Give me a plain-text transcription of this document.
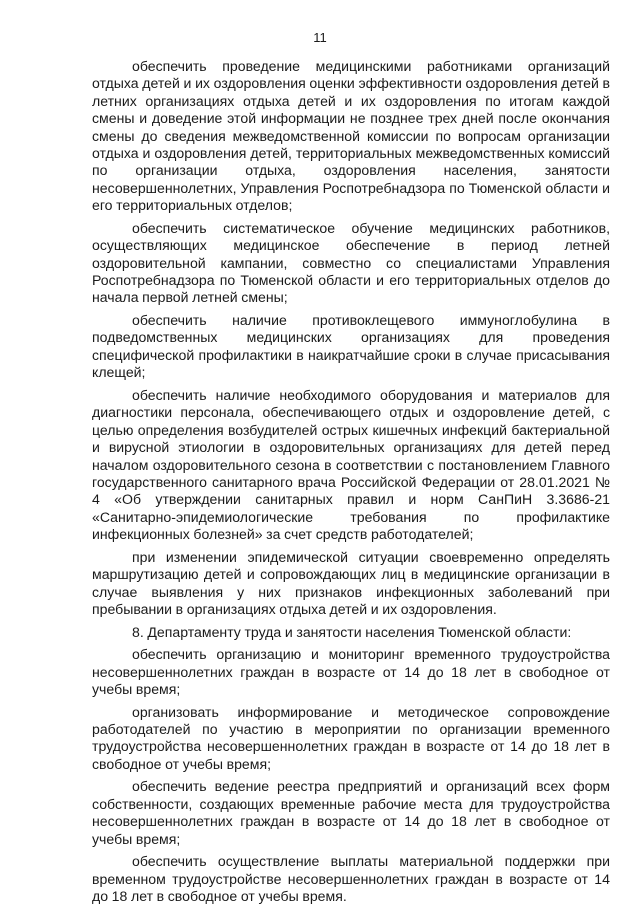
11

обеспечить проведение медицинскими работниками организаций отдыха детей и их оздоровления оценки эффективности оздоровления детей в летних организациях отдыха детей и их оздоровления по итогам каждой смены и доведение этой информации не позднее трех дней после окончания смены до сведения межведомственной комиссии по вопросам организации отдыха и оздоровления детей, территориальных межведомственных комиссий по организации отдыха, оздоровления населения, занятости несовершеннолетних, Управления Роспотребнадзора по Тюменской области и его территориальных отделов;

обеспечить систематическое обучение медицинских работников, осуществляющих медицинское обеспечение в период летней оздоровительной кампании, совместно со специалистами Управления Роспотребнадзора по Тюменской области и его территориальных отделов до начала первой летней смены;

обеспечить наличие противоклещевого иммуноглобулина в подведомственных медицинских организациях для проведения специфической профилактики в наикратчайшие сроки в случае присасывания клещей;

обеспечить наличие необходимого оборудования и материалов для диагностики персонала, обеспечивающего отдых и оздоровление детей, с целью определения возбудителей острых кишечных инфекций бактериальной и вирусной этиологии в оздоровительных организациях для детей перед началом оздоровительного сезона в соответствии с постановлением Главного государственного санитарного врача Российской Федерации от 28.01.2021 № 4 «Об утверждении санитарных правил и норм СанПиН 3.3686-21 «Санитарно-эпидемиологические требования по профилактике инфекционных болезней» за счет средств работодателей;

при изменении эпидемической ситуации своевременно определять маршрутизацию детей и сопровождающих лиц в медицинские организации в случае выявления у них признаков инфекционных заболеваний при пребывании в организациях отдыха детей и их оздоровления.

8. Департаменту труда и занятости населения Тюменской области:

обеспечить организацию и мониторинг временного трудоустройства несовершеннолетних граждан в возрасте от 14 до 18 лет в свободное от учебы время;

организовать информирование и методическое сопровождение работодателей по участию в мероприятии по организации временного трудоустройства несовершеннолетних граждан в возрасте от 14 до 18 лет в свободное от учебы время;

обеспечить ведение реестра предприятий и организаций всех форм собственности, создающих временные рабочие места для трудоустройства несовершеннолетних граждан в возрасте от 14 до 18 лет в свободное от учебы время;

обеспечить осуществление выплаты материальной поддержки при временном трудоустройстве несовершеннолетних граждан в возрасте от 14 до 18 лет в свободное от учебы время.
